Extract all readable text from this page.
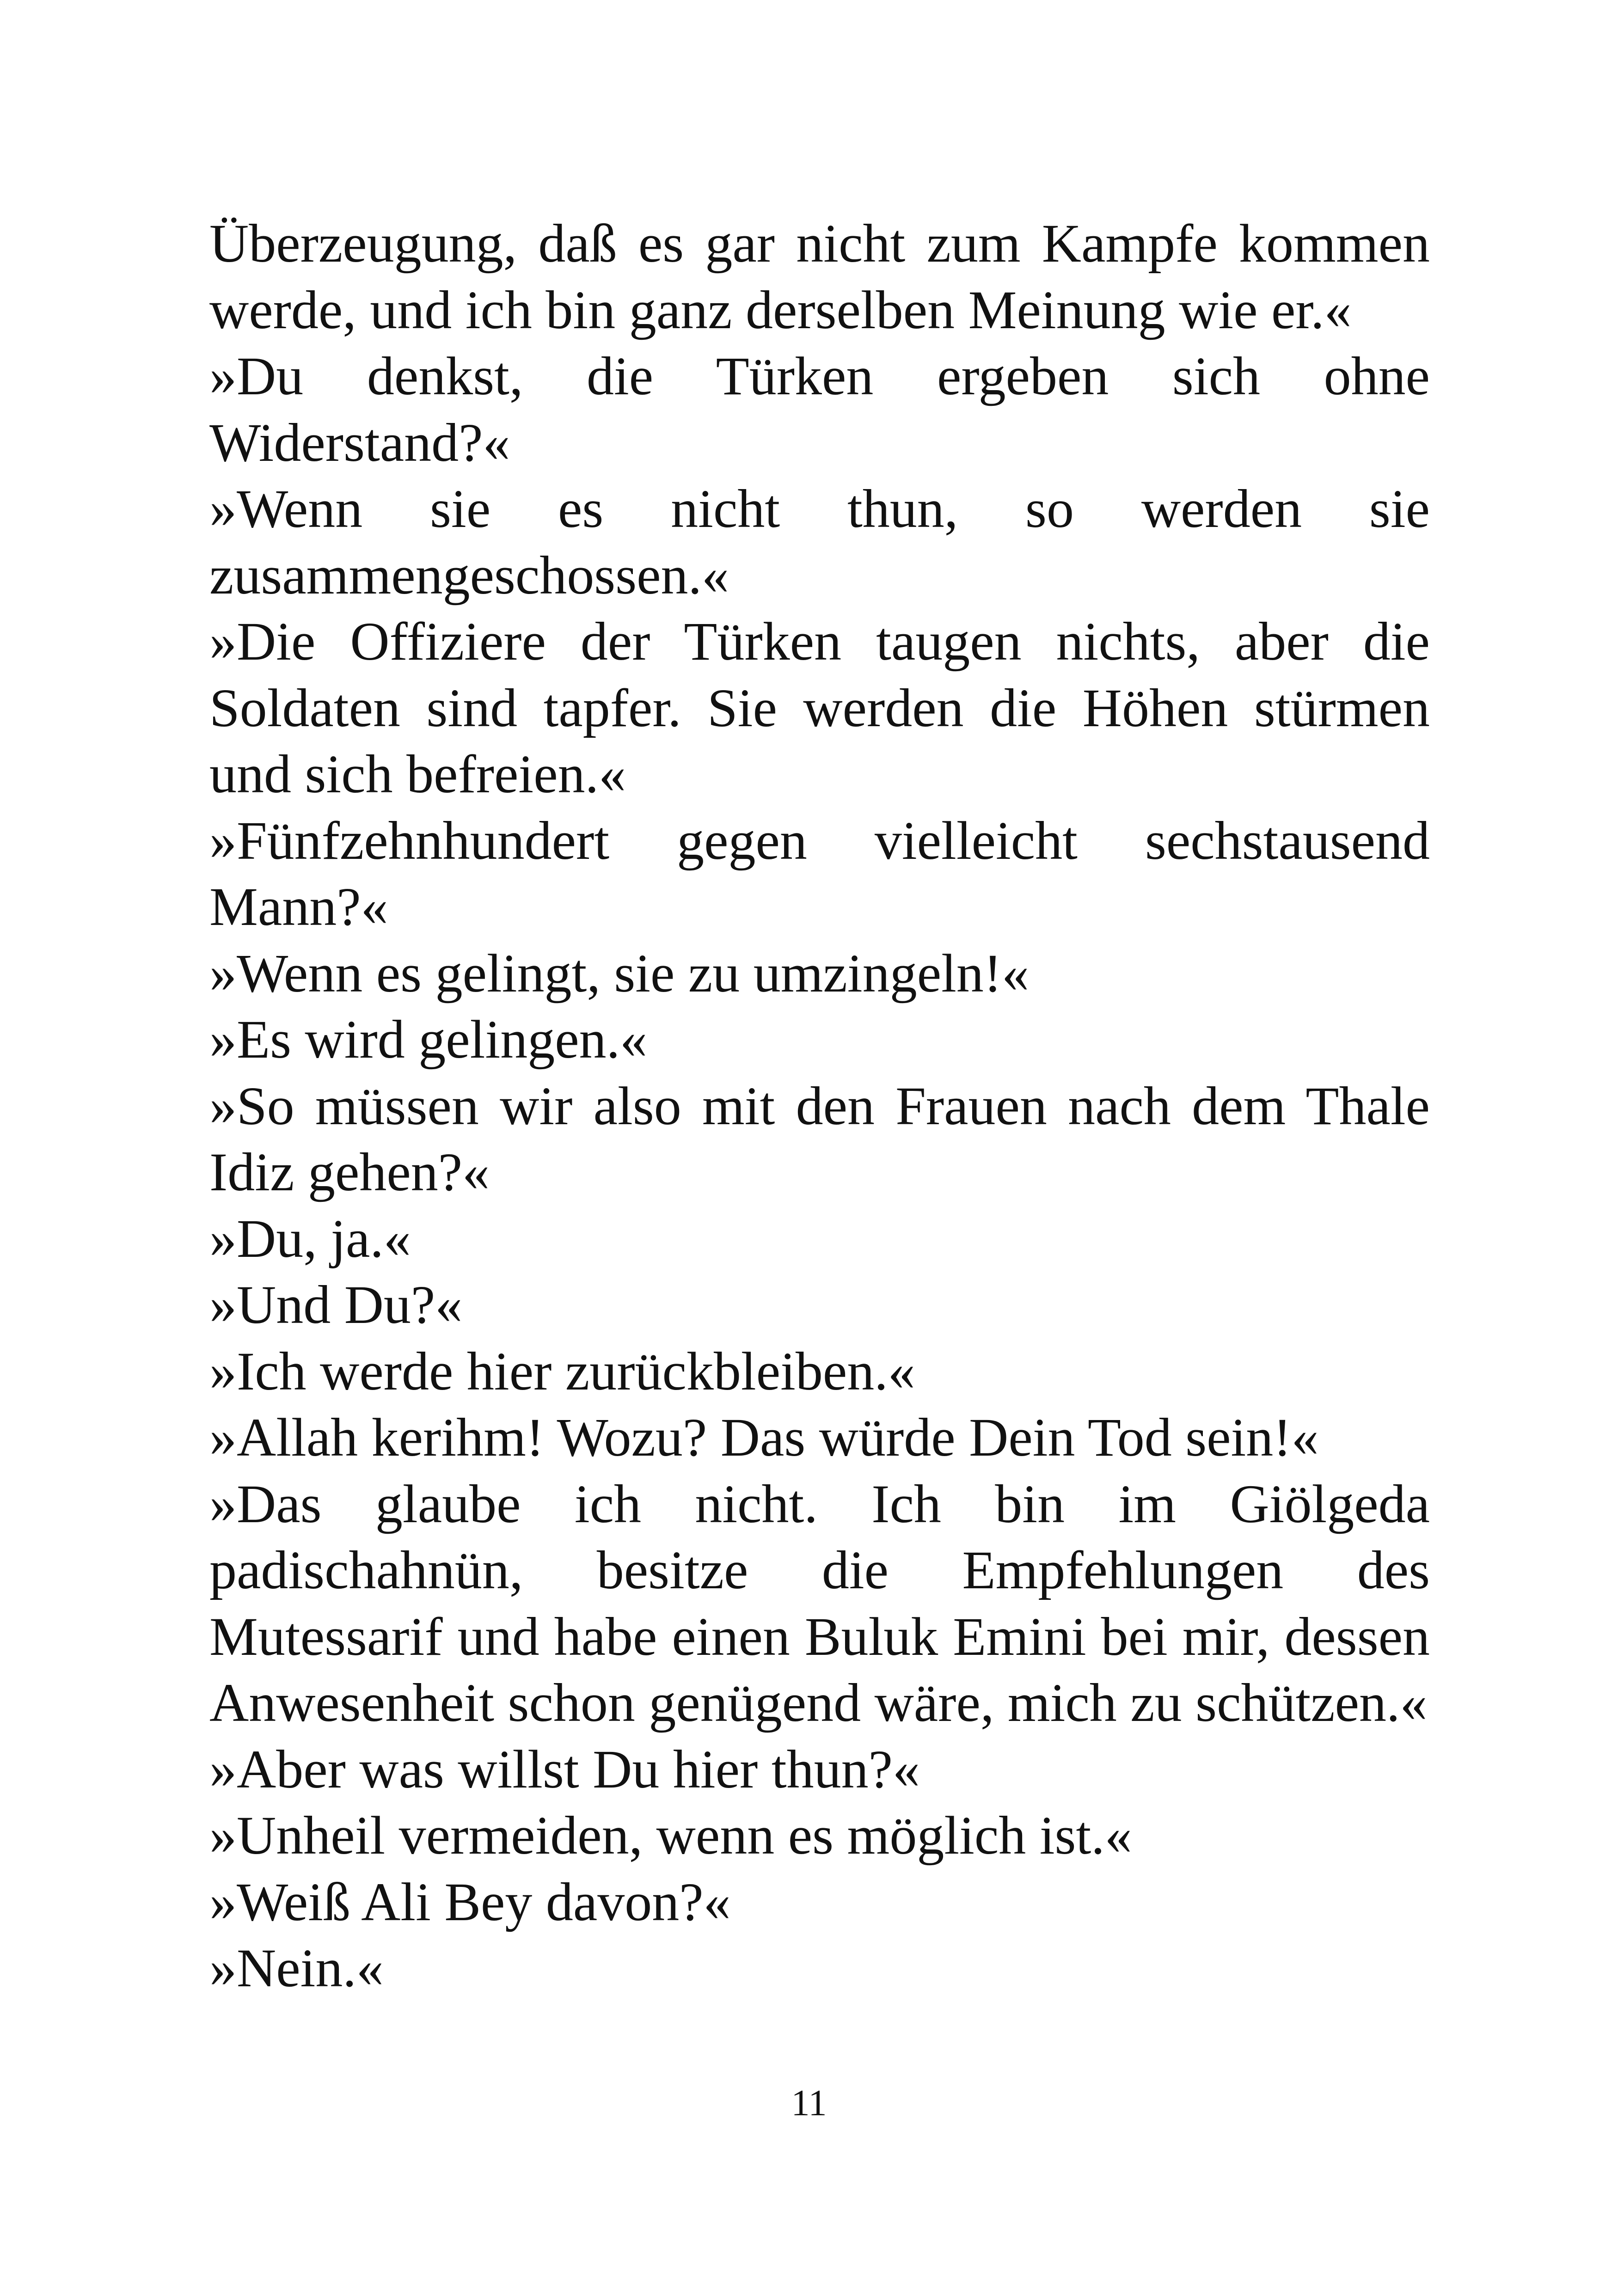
Überzeugung, daß es gar nicht zum Kampfe kommen werde, und ich bin ganz derselben Meinung wie er.«

»Du denkst, die Türken ergeben sich ohne Widerstand?«

»Wenn sie es nicht thun, so werden sie zusammengeschossen.«

»Die Offiziere der Türken taugen nichts, aber die Soldaten sind tapfer. Sie werden die Höhen stürmen und sich befreien.«

»Fünfzehnhundert gegen vielleicht sechstausend Mann?«

»Wenn es gelingt, sie zu umzingeln!«

»Es wird gelingen.«

»So müssen wir also mit den Frauen nach dem Thale Idiz gehen?«

»Du, ja.«

»Und Du?«

»Ich werde hier zurückbleiben.«

»Allah kerihm! Wozu? Das würde Dein Tod sein!«

»Das glaube ich nicht. Ich bin im Giölgeda padischahnün, besitze die Empfehlungen des Mutessarif und habe einen Buluk Emini bei mir, dessen Anwesenheit schon genügend wäre, mich zu schützen.«

»Aber was willst Du hier thun?«

»Unheil vermeiden, wenn es möglich ist.«

»Weiß Ali Bey davon?«

»Nein.«

11
